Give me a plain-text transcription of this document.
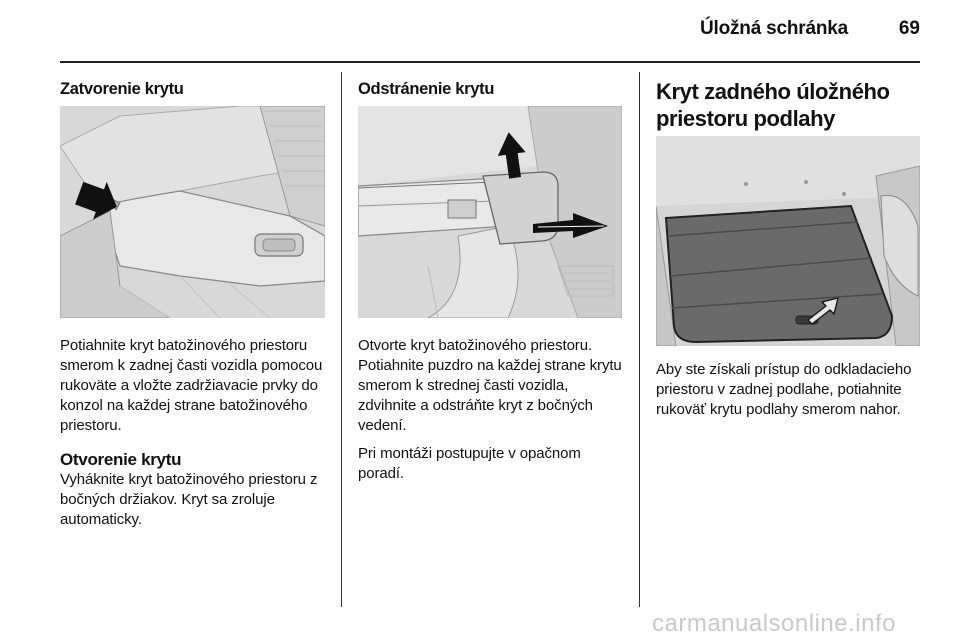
Úložná schránka	69
Zatvorenie krytu

Potiahnite kryt batožinového priestoru smerom k zadnej časti vozidla pomocou rukoväte a vložte zadržiavacie prvky do konzol na každej strane batožinového priestoru.

Otvorenie krytu

Vyháknite kryt batožinového priestoru z bočných držiakov. Kryt sa zroluje automaticky.

Odstránenie krytu

Otvorte kryt batožinového priestoru. Potiahnite puzdro na každej strane krytu smerom k strednej časti vozidla, zdvihnite a odstráňte kryt z bočných vedení.

Pri montáži postupujte v opačnom poradí.

Kryt zadného úložného
priestoru podlahy

Aby ste získali prístup do odkladacieho priestoru v zadnej podlahe, potiahnite rukoväť krytu podlahy smerom nahor.

carmanualsonline.info
